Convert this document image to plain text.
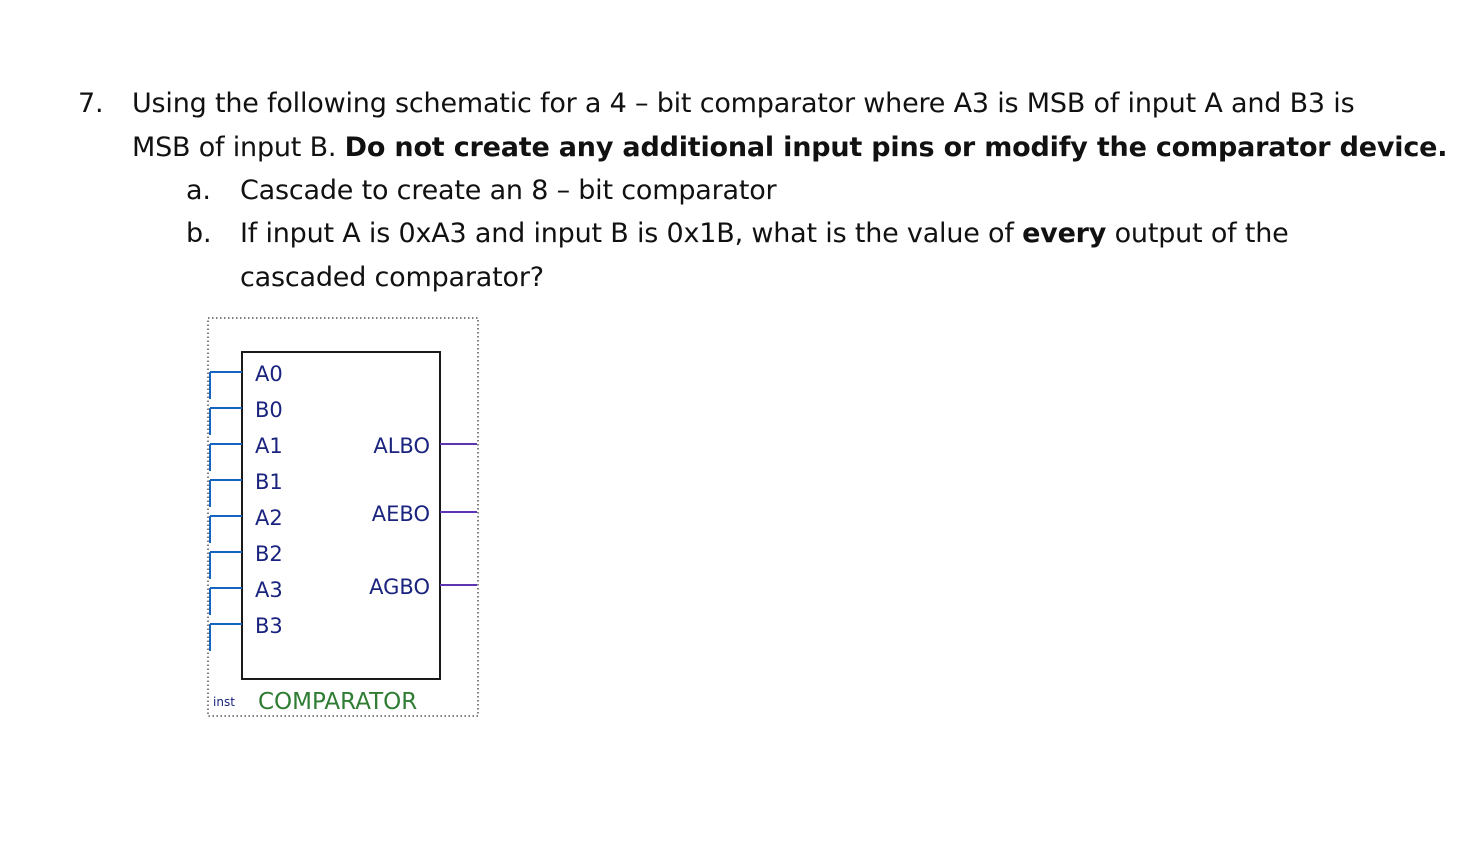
7. Using the following schematic for a 4 – bit comparator where A3 is MSB of input A and B3 is
MSB of input B. Do not create any additional input pins or modify the comparator device.
a. Cascade to create an 8 – bit comparator
b. If input A is 0xA3 and input B is 0x1B, what is the value of every output of the
cascaded comparator?
A0
B0
A1
B1
A2
B2
A3
B3
ALBO
AEBO
AGBO
inst COMPARATOR
